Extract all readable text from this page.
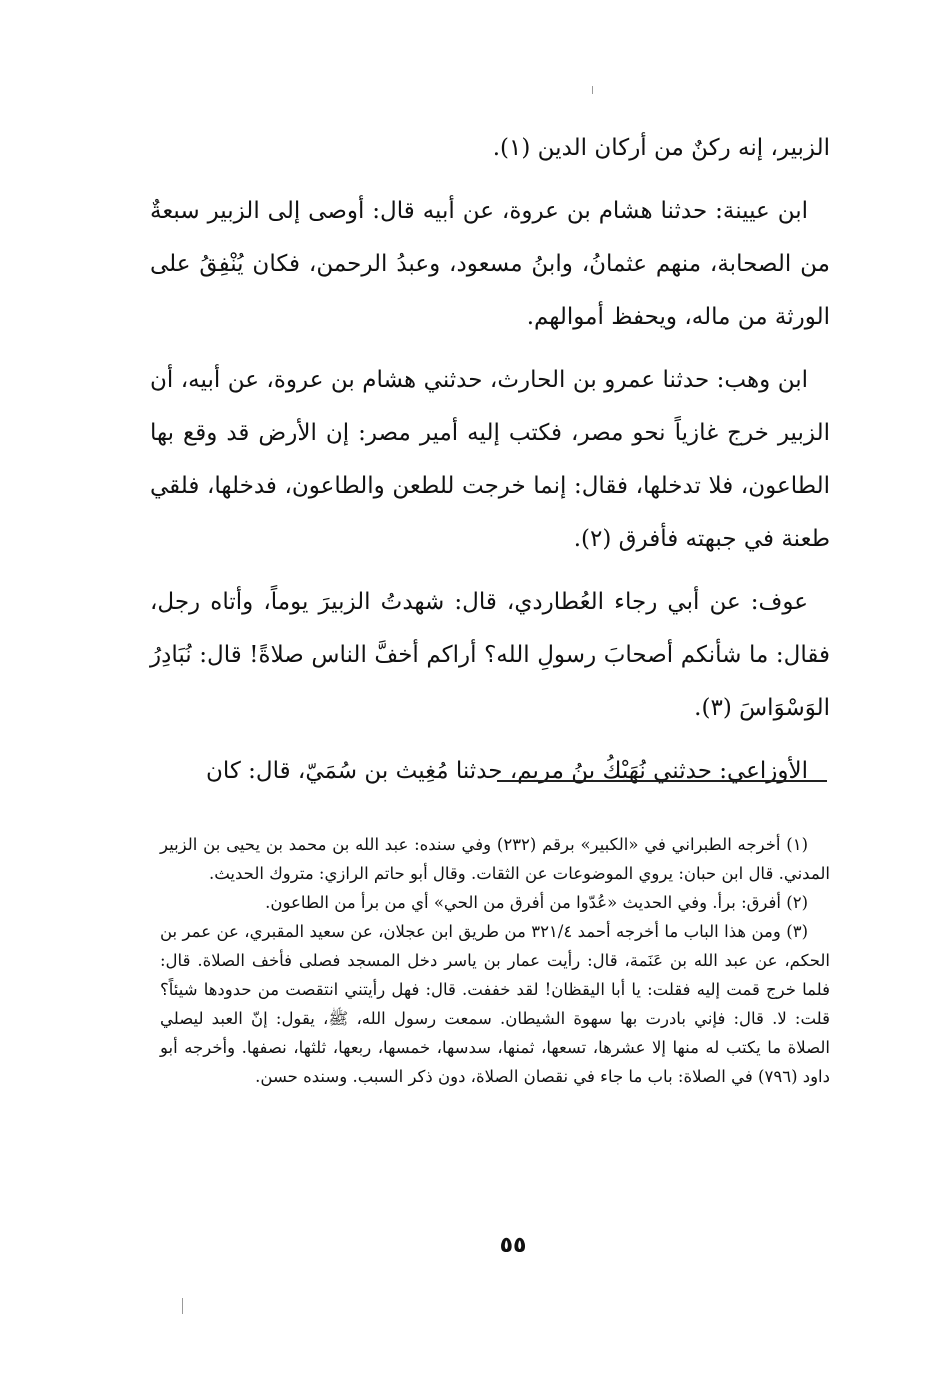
الزبير، إنه ركنٌ من أركان الدين (١).

ابن عيينة: حدثنا هشام بن عروة، عن أبيه قال: أوصى إلى الزبير سبعةٌ من الصحابة، منهم عثمانُ، وابنُ مسعود، وعبدُ الرحمن، فكان يُنْفِقُ على الورثة من ماله، ويحفظ أموالهم.

ابن وهب: حدثنا عمرو بن الحارث، حدثني هشام بن عروة، عن أبيه، أن الزبير خرج غازياً نحو مصر، فكتب إليه أمير مصر: إن الأرض قد وقع بها الطاعون، فلا تدخلها، فقال: إنما خرجت للطعن والطاعون، فدخلها، فلقي طعنة في جبهته فأفرق (٢).

عوف: عن أبي رجاء العُطاردي، قال: شهدتُ الزبيرَ يوماً، وأتاه رجل، فقال: ما شأنكم أصحابَ رسولِ الله؟ أراكم أخفَّ الناس صلاةً! قال: نُبَادِرُ الوَسْوَاسَ (٣).

الأوزاعي: حدثني نُهَيْكُ بنُ مريم، حدثنا مُغِيث بن سُمَيّ، قال: كان

(١) أخرجه الطبراني في «الكبير» برقم (٢٣٢) وفي سنده: عبد الله بن محمد بن يحيى بن الزبير المدني. قال ابن حبان: يروي الموضوعات عن الثقات. وقال أبو حاتم الرازي: متروك الحديث.

(٢) أفرق: برأ. وفي الحديث «عُدّوا من أفرق من الحي» أي من برأ من الطاعون.

(٣) ومن هذا الباب ما أخرجه أحمد ٣٢١/٤ من طريق ابن عجلان، عن سعيد المقبري، عن عمر بن الحكم، عن عبد الله بن عَنَمة، قال: رأيت عمار بن ياسر دخل المسجد فصلى فأخف الصلاة. قال: فلما خرج قمت إليه فقلت: يا أبا اليقظان! لقد خففت. قال: فهل رأيتني انتقصت من حدودها شيئاً؟ قلت: لا. قال: فإني بادرت بها سهوة الشيطان. سمعت رسول الله، ﷺ، يقول: إنّ العبد ليصلي الصلاة ما يكتب له منها إلا عشرها، تسعها، ثمنها، سدسها، خمسها، ربعها، ثلثها، نصفها. وأخرجه أبو داود (٧٩٦) في الصلاة: باب ما جاء في نقصان الصلاة، دون ذكر السبب. وسنده حسن.

٥٥
